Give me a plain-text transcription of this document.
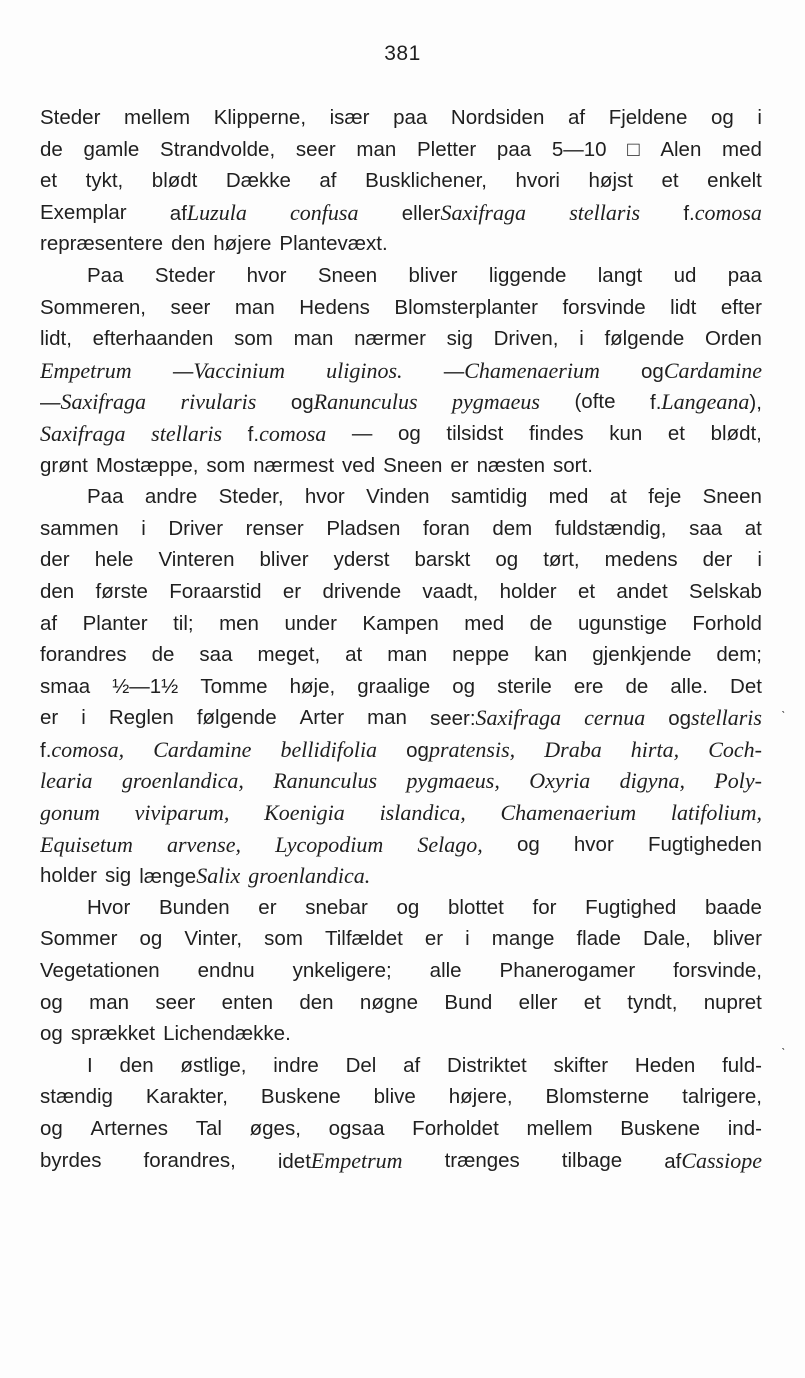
381
Steder mellem Klipperne, især paa Nordsiden af Fjeldene og i
de gamle Strandvolde, seer man Pletter paa 5—10 □ Alen med
et tykt, blødt Dække af Busklichener, hvori højst et enkelt
Exemplar afLuzula confusa ellerSaxifraga stellaris f.comosa
repræsentere den højere Plantevæxt.
Paa Steder hvor Sneen bliver liggende langt ud paa
Sommeren, seer man Hedens Blomsterplanter forsvinde lidt efter
lidt, efterhaanden som man nærmer sig Driven, i følgende Orden
Empetrum —Vaccinium uliginos. —Chamenaerium ogCardamine
—Saxifraga rivularis ogRanunculus pygmaeus (ofte f.Langeana),
Saxifraga stellaris f.comosa — og tilsidst findes kun et blødt,
grønt Mostæppe, som nærmest ved Sneen er næsten sort.
Paa andre Steder, hvor Vinden samtidig med at feje Sneen
sammen i Driver renser Pladsen foran dem fuldstændig, saa at
der hele Vinteren bliver yderst barskt og tørt, medens der i
den første Foraarstid er drivende vaadt, holder et andet Selskab
af Planter til; men under Kampen med de ugunstige Forhold
forandres de saa meget, at man neppe kan gjenkjende dem;
smaa ½—1½ Tomme høje, graalige og sterile ere de alle. Det
er i Reglen følgende Arter man seer:Saxifraga cernua ogstellaris
f.comosa, Cardamine bellidifolia ogpratensis, Draba hirta, Coch-
learia groenlandica, Ranunculus pygmaeus, Oxyria digyna, Poly-
gonum viviparum, Koenigia islandica, Chamenaerium latifolium,
Equisetum arvense, Lycopodium Selago, og hvor Fugtigheden
holder sig længeSalix groenlandica.
Hvor Bunden er snebar og blottet for Fugtighed baade
Sommer og Vinter, som Tilfældet er i mange flade Dale, bliver
Vegetationen endnu ynkeligere; alle Phanerogamer forsvinde,
og man seer enten den nøgne Bund eller et tyndt, nupret
og sprækket Lichendække.
I den østlige, indre Del af Distriktet skifter Heden fuld-
stændig Karakter, Buskene blive højere, Blomsterne talrigere,
og Arternes Tal øges, ogsaa Forholdet mellem Buskene ind-
byrdes forandres, idetEmpetrum trænges tilbage afCassiope
ˋ
ˋ
